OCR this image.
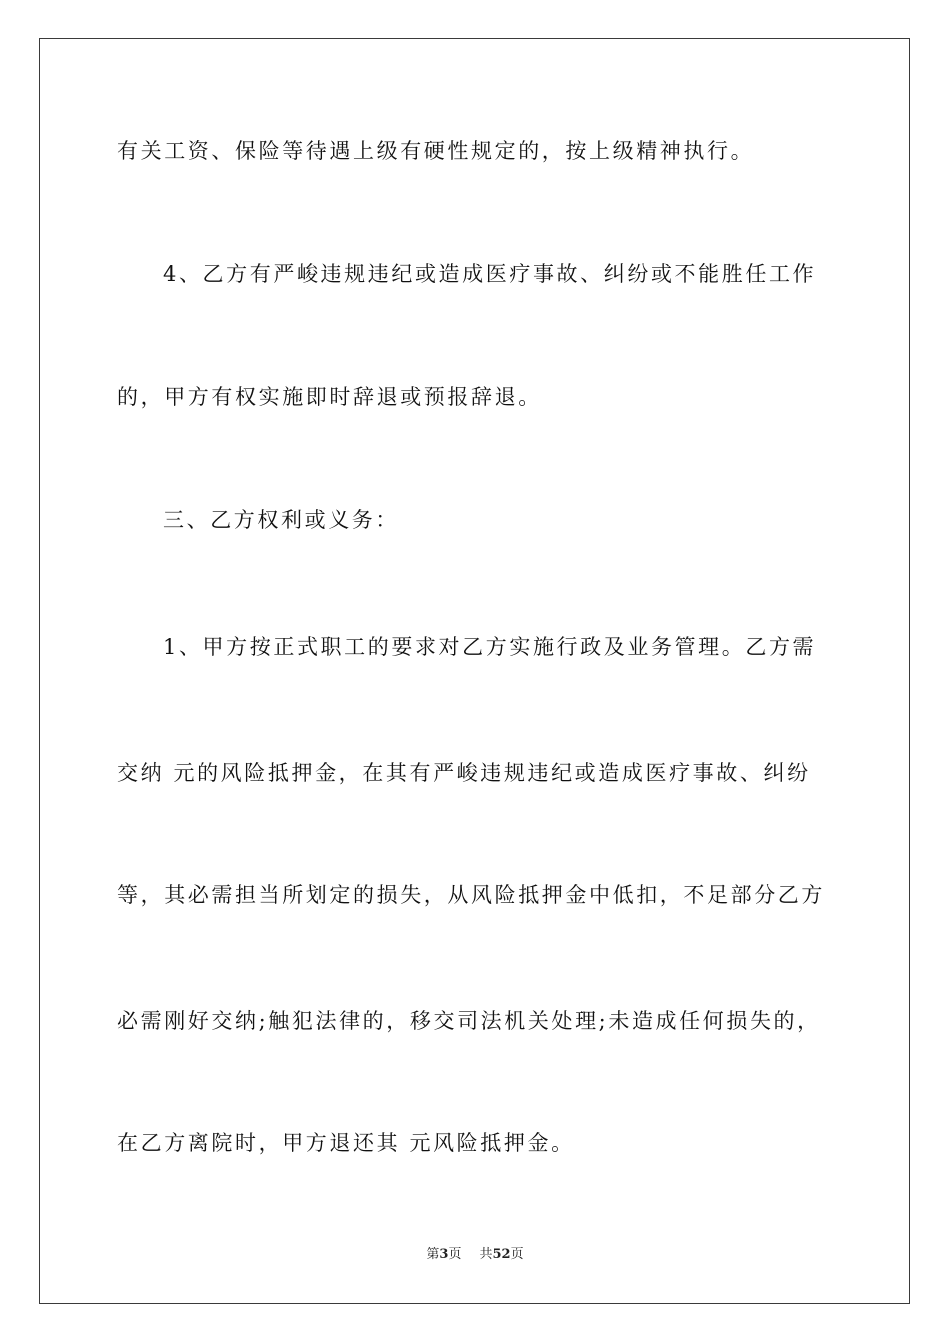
有关工资、保险等待遇上级有硬性规定的，按上级精神执行。
4、乙方有严峻违规违纪或造成医疗事故、纠纷或不能胜任工作
的，甲方有权实施即时辞退或预报辞退。
三、乙方权利或义务：
1、甲方按正式职工的要求对乙方实施行政及业务管理。乙方需
交纳 元的风险抵押金，在其有严峻违规违纪或造成医疗事故、纠纷
等，其必需担当所划定的损失，从风险抵押金中低扣，不足部分乙方
必需刚好交纳;触犯法律的，移交司法机关处理;未造成任何损失的，
在乙方离院时，甲方退还其 元风险抵押金。
第3页 共52页
